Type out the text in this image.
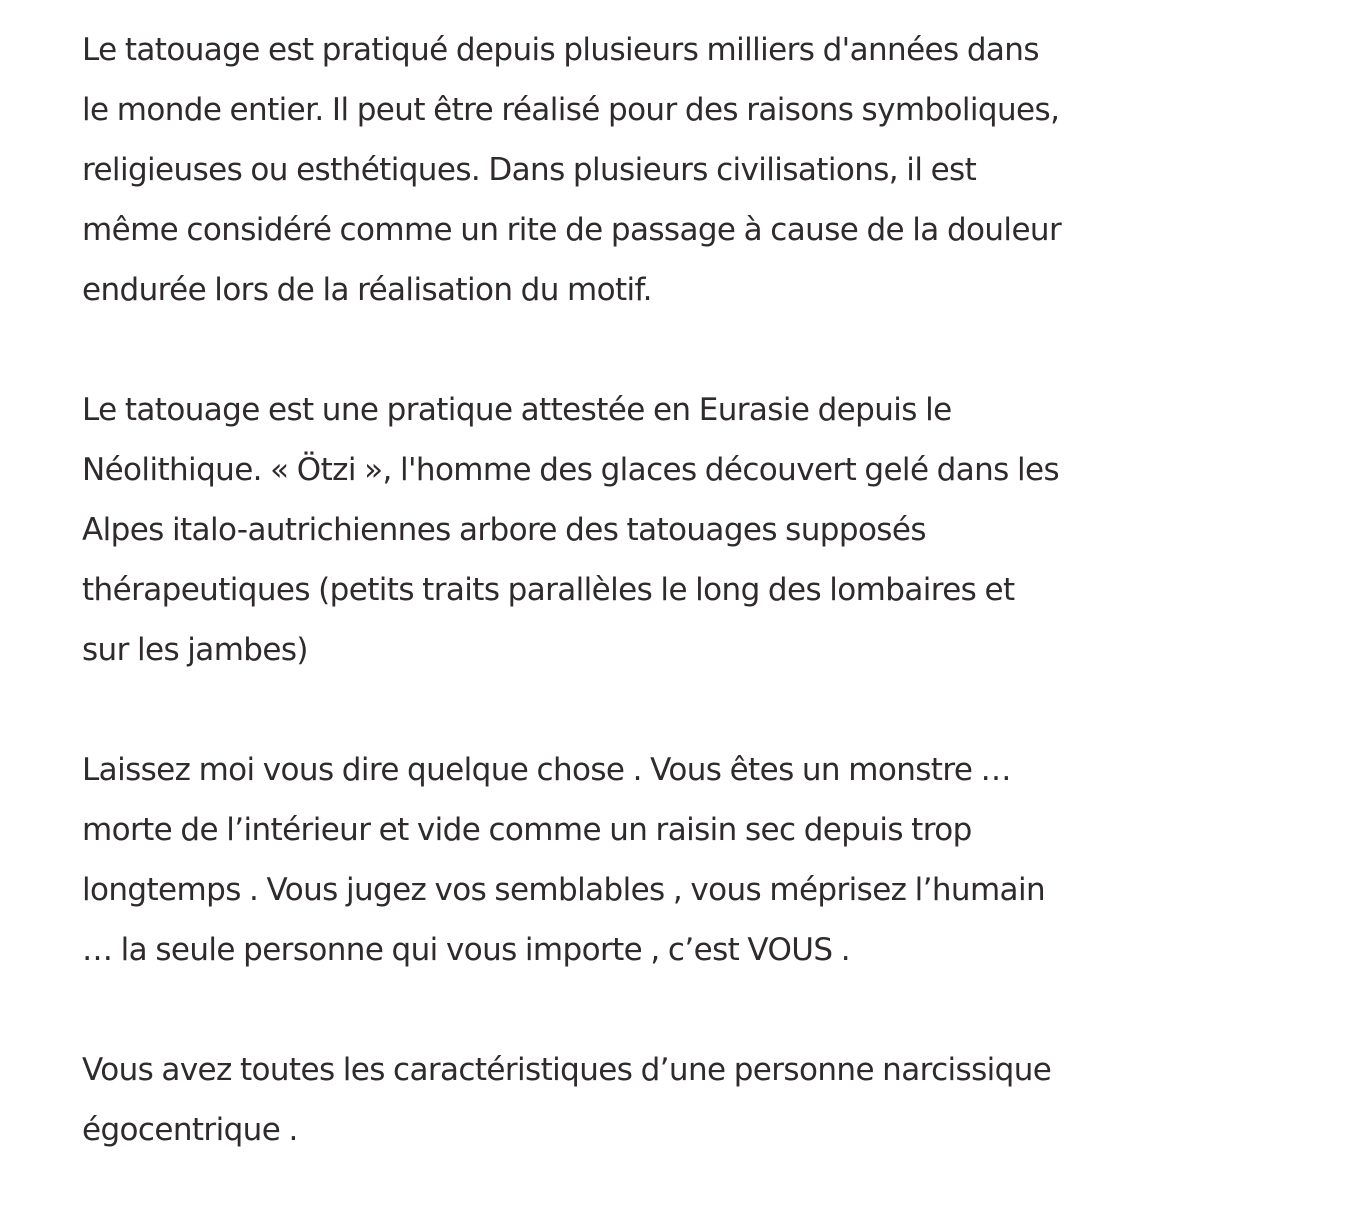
Le tatouage est pratiqué depuis plusieurs milliers d'années dans
le monde entier. Il peut être réalisé pour des raisons symboliques,
religieuses ou esthétiques. Dans plusieurs civilisations, il est
même considéré comme un rite de passage à cause de la douleur
endurée lors de la réalisation du motif.

Le tatouage est une pratique attestée en Eurasie depuis le
Néolithique. « Ötzi », l'homme des glaces découvert gelé dans les
Alpes italo-autrichiennes arbore des tatouages supposés
thérapeutiques (petits traits parallèles le long des lombaires et
sur les jambes)

Laissez moi vous dire quelque chose . Vous êtes un monstre …
morte de l’intérieur et vide comme un raisin sec depuis trop
longtemps . Vous jugez vos semblables , vous méprisez l’humain
… la seule personne qui vous importe , c’est VOUS .

Vous avez toutes les caractéristiques d’une personne narcissique
égocentrique .
